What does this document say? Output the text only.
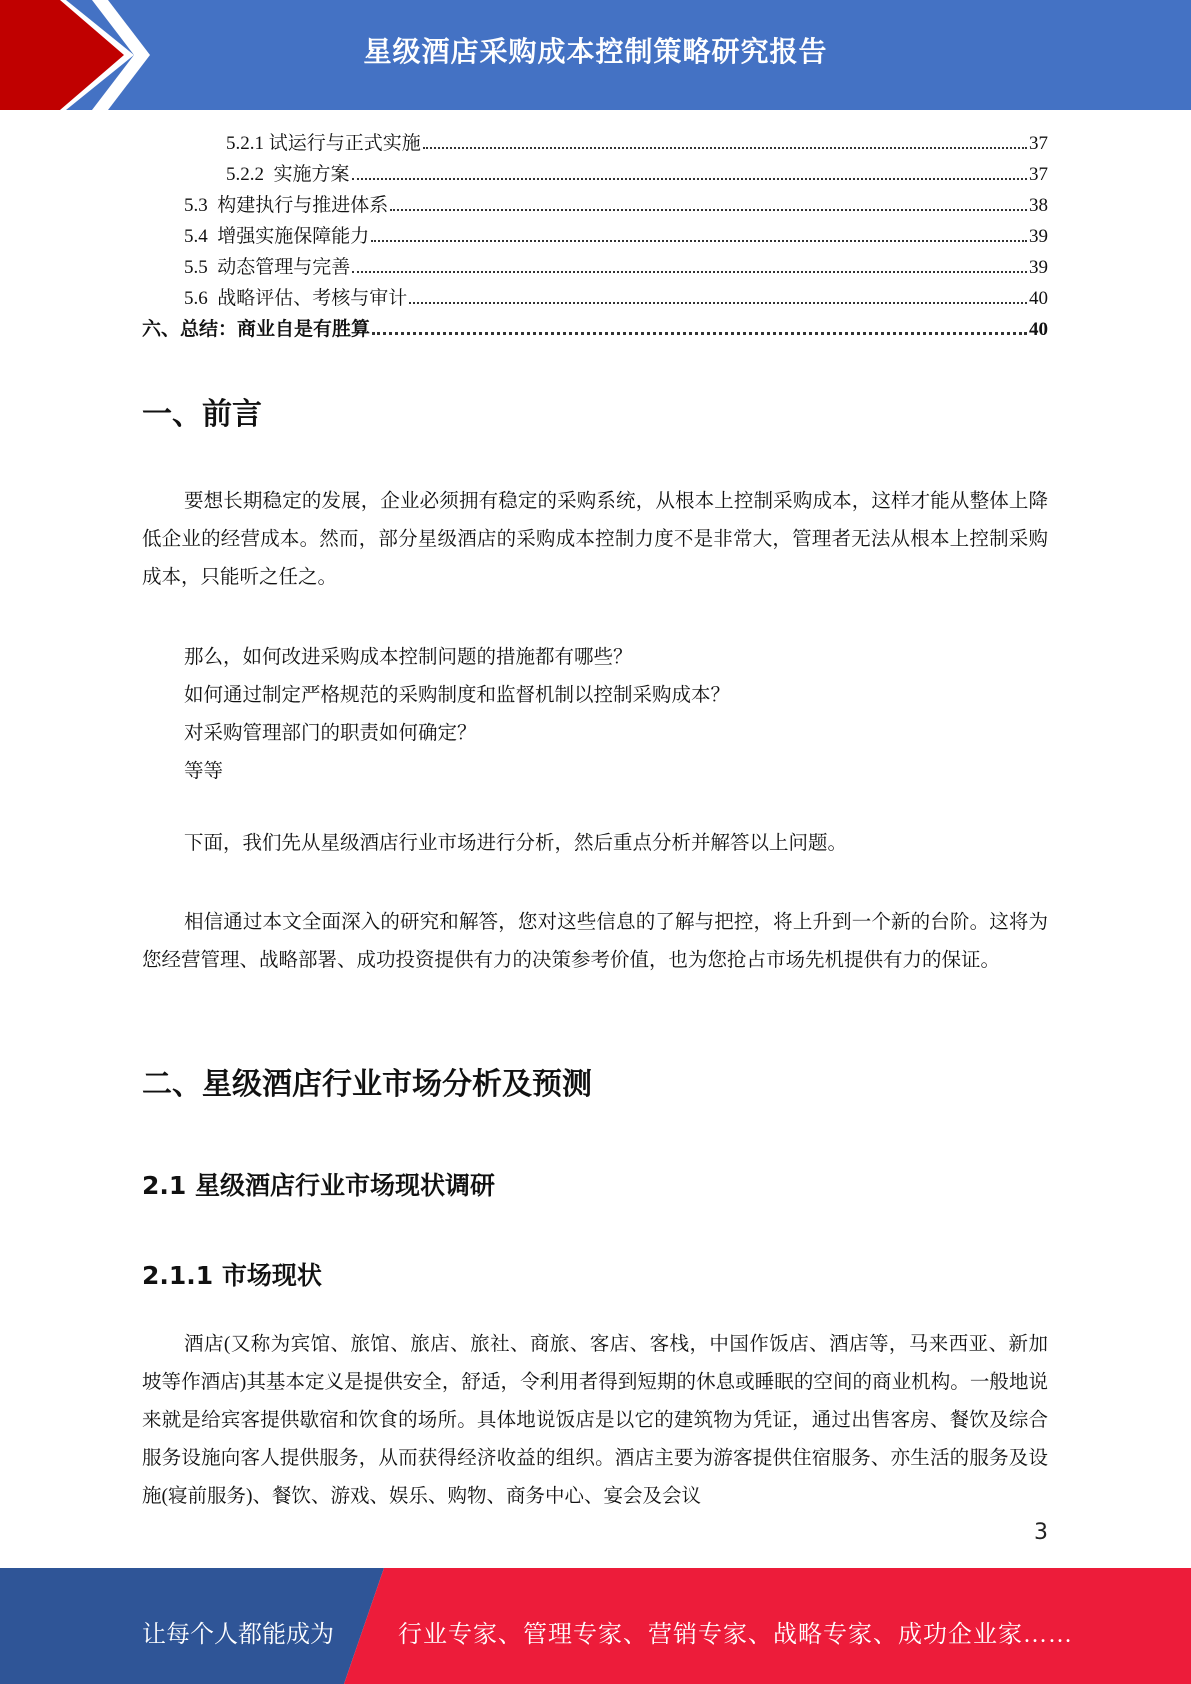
星级酒店采购成本控制策略研究报告
5.2.1 试运行与正式实施	37
5.2.2  实施方案	37
5.3  构建执行与推进体系	38
5.4  增强实施保障能力	39
5.5  动态管理与完善	39
5.6  战略评估、考核与审计	40
六、总结：商业自是有胜算	40
一、前言
要想长期稳定的发展，企业必须拥有稳定的采购系统，从根本上控制采购成本，这样才能从整体上降低企业的经营成本。然而，部分星级酒店的采购成本控制力度不是非常大，管理者无法从根本上控制采购成本，只能听之任之。
那么，如何改进采购成本控制问题的措施都有哪些？
如何通过制定严格规范的采购制度和监督机制以控制采购成本？
对采购管理部门的职责如何确定？
等等
下面，我们先从星级酒店行业市场进行分析，然后重点分析并解答以上问题。
相信通过本文全面深入的研究和解答，您对这些信息的了解与把控，将上升到一个新的台阶。这将为您经营管理、战略部署、成功投资提供有力的决策参考价值，也为您抢占市场先机提供有力的保证。
二、星级酒店行业市场分析及预测
2.1 星级酒店行业市场现状调研
2.1.1 市场现状
酒店(又称为宾馆、旅馆、旅店、旅社、商旅、客店、客栈，中国作饭店、酒店等，马来西亚、新加坡等作酒店)其基本定义是提供安全，舒适，令利用者得到短期的休息或睡眠的空间的商业机构。一般地说来就是给宾客提供歇宿和饮食的场所。具体地说饭店是以它的建筑物为凭证，通过出售客房、餐饮及综合服务设施向客人提供服务，从而获得经济收益的组织。酒店主要为游客提供住宿服务、亦生活的服务及设施(寝前服务)、餐饮、游戏、娱乐、购物、商务中心、宴会及会议
3
让每个人都能成为	行业专家、管理专家、营销专家、战略专家、成功企业家……
